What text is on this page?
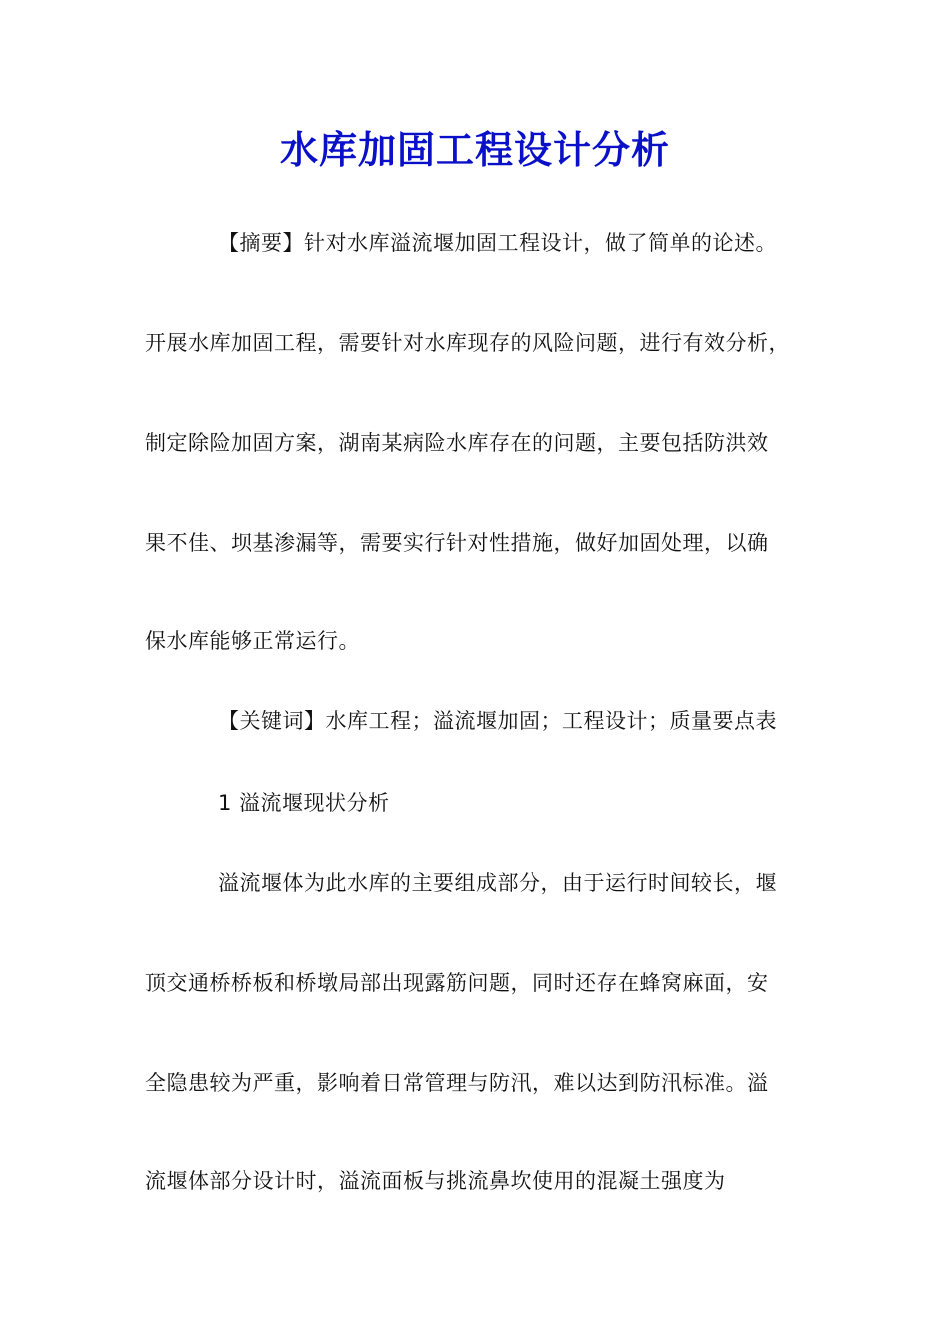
水库加固工程设计分析
【摘要】针对水库溢流堰加固工程设计，做了简单的论述。
开展水库加固工程，需要针对水库现存的风险问题，进行有效分析，
制定除险加固方案，湖南某病险水库存在的问题，主要包括防洪效
果不佳、坝基渗漏等，需要实行针对性措施，做好加固处理，以确
保水库能够正常运行。
【关键词】水库工程；溢流堰加固；工程设计；质量要点表
1 溢流堰现状分析
溢流堰体为此水库的主要组成部分，由于运行时间较长，堰
顶交通桥桥板和桥墩局部出现露筋问题，同时还存在蜂窝麻面，安
全隐患较为严重，影响着日常管理与防汛，难以达到防汛标准。溢
流堰体部分设计时，溢流面板与挑流鼻坎使用的混凝土强度为
